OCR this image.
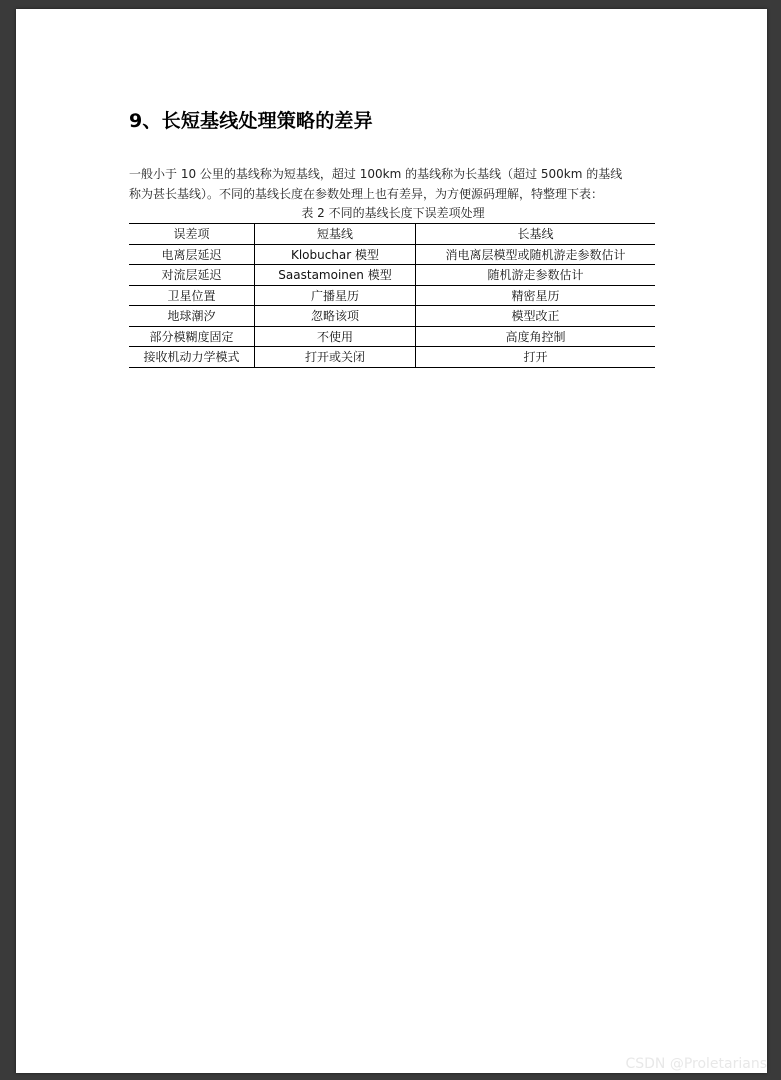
9、长短基线处理策略的差异

一般小于 10 公里的基线称为短基线，超过 100km 的基线称为长基线（超过 500km 的基线

称为甚长基线）。不同的基线长度在参数处理上也有差异，为方便源码理解，特整理下表：

表 2 不同的基线长度下误差项处理
误差项	短基线	长基线
电离层延迟	Klobuchar 模型	消电离层模型或随机游走参数估计
对流层延迟	Saastamoinen 模型	随机游走参数估计
卫星位置	广播星历	精密星历
地球潮汐	忽略该项	模型改正
部分模糊度固定	不使用	高度角控制
接收机动力学模式	打开或关闭	打开
CSDN @Proletarians
